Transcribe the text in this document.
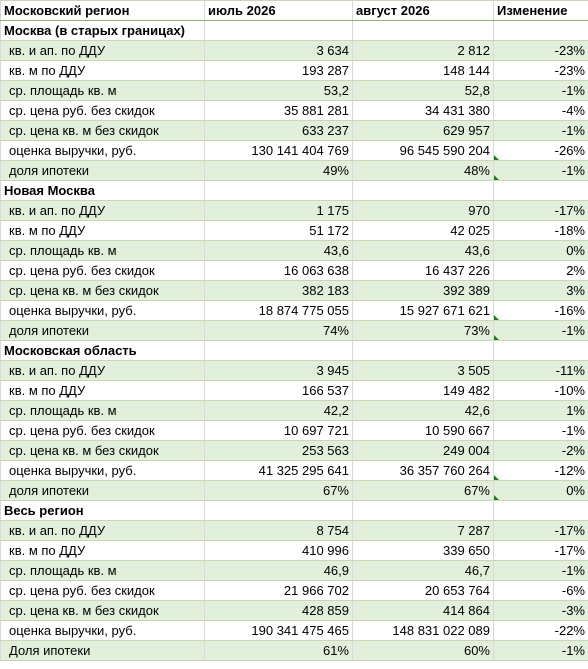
Московский регион	июль 2026	август 2026	Изменение
Москва (в старых границах)			
кв. и ап. по ДДУ	3 634	2 812	-23%
кв. м по ДДУ	193 287	148 144	-23%
ср. площадь кв. м	53,2	52,8	-1%
ср. цена руб. без скидок	35 881 281	34 431 380	-4%
ср. цена кв. м без скидок	633 237	629 957	-1%
оценка выручки, руб.	130 141 404 769	96 545 590 204	-26%

доля ипотеки	49%	48%	-1%

Новая Москва			
кв. и ап. по ДДУ	1 175	970	-17%
кв. м по ДДУ	51 172	42 025	-18%
ср. площадь кв. м	43,6	43,6	0%
ср. цена руб. без скидок	16 063 638	16 437 226	2%
ср. цена кв. м без скидок	382 183	392 389	3%
оценка выручки, руб.	18 874 775 055	15 927 671 621	-16%

доля ипотеки	74%	73%	-1%

Московская область			
кв. и ап. по ДДУ	3 945	3 505	-11%
кв. м по ДДУ	166 537	149 482	-10%
ср. площадь кв. м	42,2	42,6	1%
ср. цена руб. без скидок	10 697 721	10 590 667	-1%
ср. цена кв. м без скидок	253 563	249 004	-2%
оценка выручки, руб.	41 325 295 641	36 357 760 264	-12%

доля ипотеки	67%	67%	0%

Весь регион			
кв. и ап. по ДДУ	8 754	7 287	-17%
кв. м по ДДУ	410 996	339 650	-17%
ср. площадь кв. м	46,9	46,7	-1%
ср. цена руб. без скидок	21 966 702	20 653 764	-6%
ср. цена кв. м без скидок	428 859	414 864	-3%
оценка выручки, руб.	190 341 475 465	148 831 022 089	-22%
Доля ипотеки	61%	60%	-1%
